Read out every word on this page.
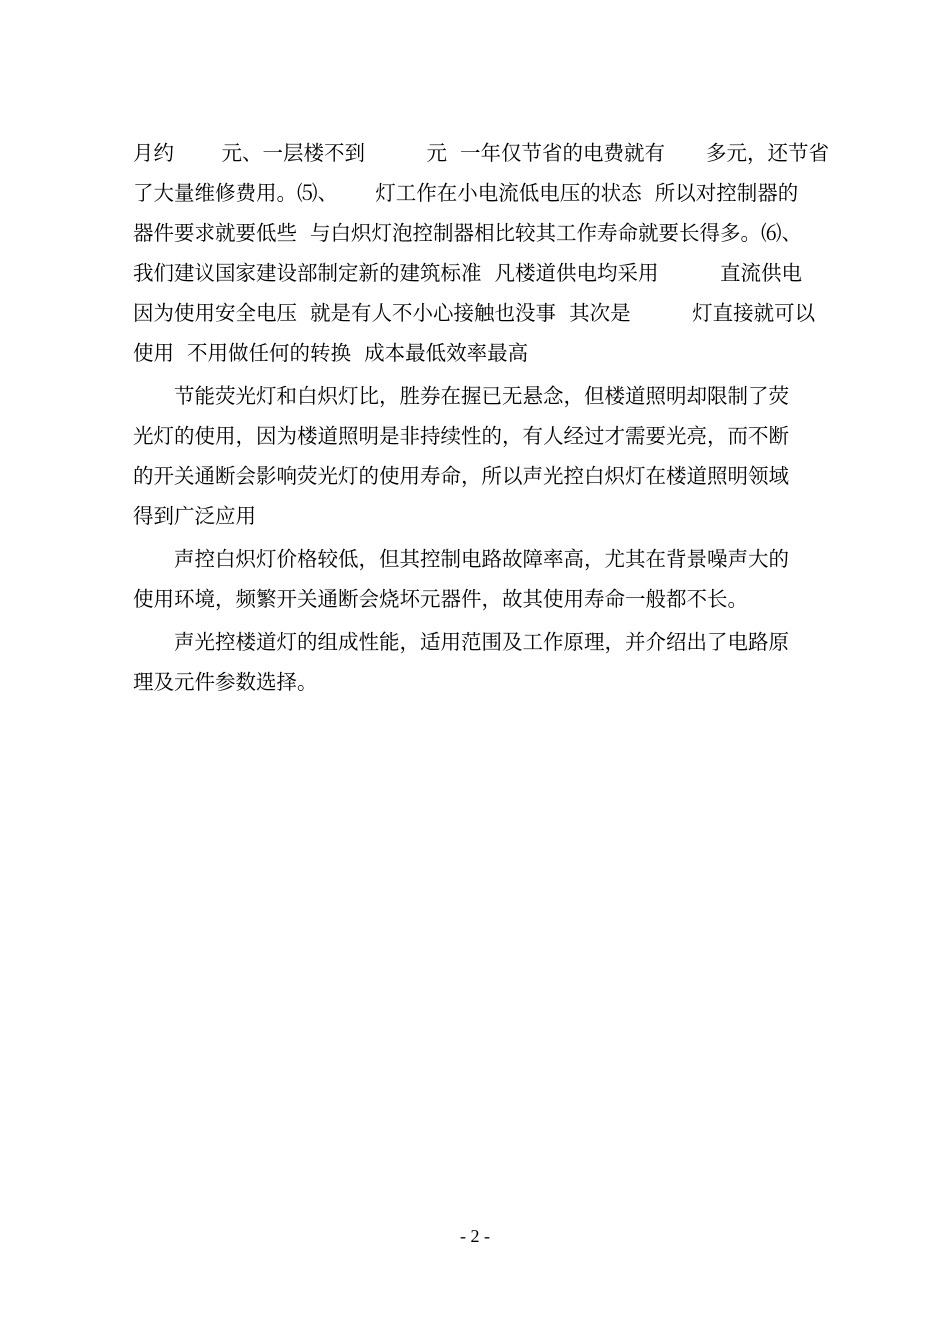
月约　　 元、一层楼不到　　　元  一年仅节省的电费就有　　多元，还节省
了大量维修费用。⑸、　　 灯工作在小电流低电压的状态  所以对控制器的
器件要求就要低些  与白炽灯泡控制器相比较其工作寿命就要长得多。⑹、
我们建议国家建设部制定新的建筑标准  凡楼道供电均采用　　　直流供电
因为使用安全电压  就是有人不小心接触也没事  其次是　　　灯直接就可以
使用  不用做任何的转换  成本最低效率最高
　　节能荧光灯和白炽灯比，胜券在握已无悬念，但楼道照明却限制了荧
光灯的使用，因为楼道照明是非持续性的，有人经过才需要光亮，而不断
的开关通断会影响荧光灯的使用寿命，所以声光控白炽灯在楼道照明领域
得到广泛应用
　　声控白炽灯价格较低，但其控制电路故障率高，尤其在背景噪声大的
使用环境，频繁开关通断会烧坏元器件，故其使用寿命一般都不长。
　　声光控楼道灯的组成性能，适用范围及工作原理，并介绍出了电路原
理及元件参数选择。
- 2 -
